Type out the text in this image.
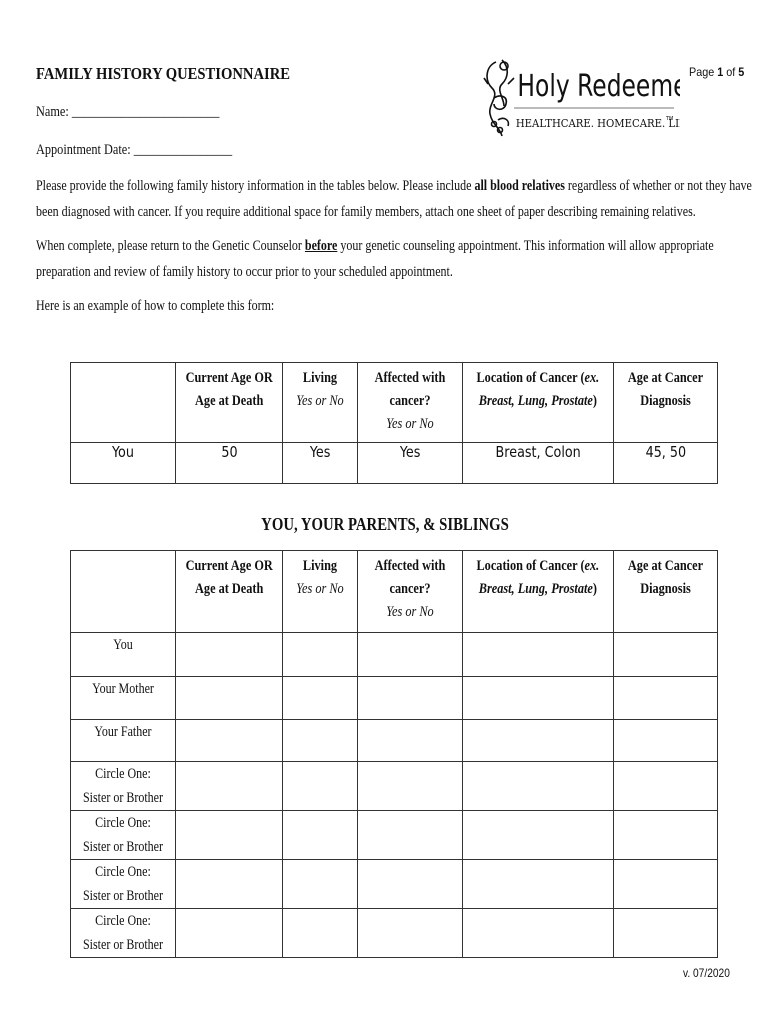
FAMILY HISTORY QUESTIONNAIRE	Page 1 of 5
Holy Redeemer
HEALTHCARE. HOMECARE. LI
TM
Name: ________________________
Appointment Date: ________________
Please provide the following family history information in the tables below. Please include all blood relatives regardless of whether or not they have
been diagnosed with cancer. If you require additional space for family members, attach one sheet of paper describing remaining relatives.
When complete, please return to the Genetic Counselor before your genetic counseling appointment. This information will allow appropriate
preparation and review of family history to occur prior to your scheduled appointment.
Here is an example of how to complete this form:

	Current Age OR
Age at Death	Living
Yes or No	Affected with
cancer?
Yes or No	Location of Cancer (ex.
Breast, Lung, Prostate)	Age at Cancer
Diagnosis

You	50	Yes	Yes	Breast, Colon	45, 50
YOU, YOUR PARENTS, & SIBLINGS

	Current Age OR
Age at Death	Living
Yes or No	Affected with
cancer?
Yes or No	Location of Cancer (ex.
Breast, Lung, Prostate)	Age at Cancer
Diagnosis

You					

Your Mother					

Your Father					

Circle One:
Sister or Brother					

Circle One:
Sister or Brother					

Circle One:
Sister or Brother					

Circle One:
Sister or Brother					

v. 07/2020
